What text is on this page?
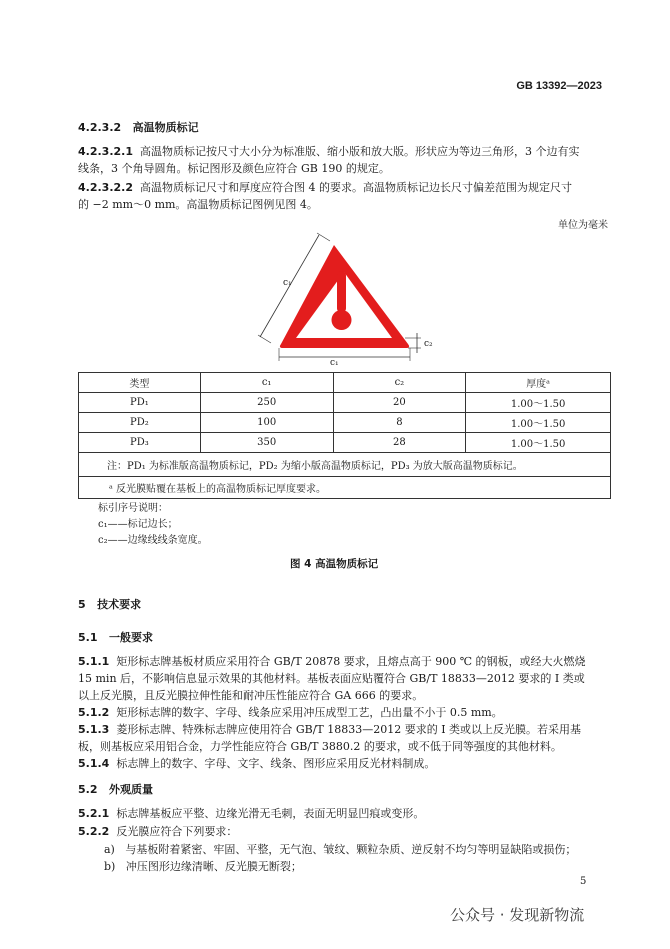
GB 13392—2023
4.2.3.2 高温物质标记
4.2.3.2.1 高温物质标记按尺寸大小分为标准版、缩小版和放大版。形状应为等边三角形，3 个边有实
线条，3 个角导圆角。标记图形及颜色应符合 GB 190 的规定。
4.2.3.2.2 高温物质标记尺寸和厚度应符合图 4 的要求。高温物质标记边长尺寸偏差范围为规定尺寸
的 −2 mm～0 mm。高温物质标记图例见图 4。
单位为毫米
c₁
c₁
c₂
类型	c₁	c₂	厚度ᵃ
PD₁	250	20	1.00～1.50
PD₂	100	8	1.00～1.50
PD₃	350	28	1.00～1.50
注：PD₁ 为标准版高温物质标记，PD₂ 为缩小版高温物质标记，PD₃ 为放大版高温物质标记。			
ᵃ 反光膜贴覆在基板上的高温物质标记厚度要求。			
标引序号说明：
c₁——标记边长；
c₂——边缘线线条宽度。
图 4 高温物质标记
5 技术要求
5.1 一般要求
5.1.1 矩形标志牌基板材质应采用符合 GB/T 20878 要求，且熔点高于 900 ℃ 的钢板，或经大火燃烧
15 min 后，不影响信息显示效果的其他材料。基板表面应贴覆符合 GB/T 18833—2012 要求的 Ⅰ 类或
以上反光膜，且反光膜拉伸性能和耐冲压性能应符合 GA 666 的要求。
5.1.2 矩形标志牌的数字、字母、线条应采用冲压成型工艺，凸出量不小于 0.5 mm。
5.1.3 菱形标志牌、特殊标志牌应使用符合 GB/T 18833—2012 要求的 Ⅰ 类或以上反光膜。若采用基
板，则基板应采用铝合金，力学性能应符合 GB/T 3880.2 的要求，或不低于同等强度的其他材料。
5.1.4 标志牌上的数字、字母、文字、线条、图形应采用反光材料制成。
5.2 外观质量
5.2.1 标志牌基板应平整、边缘光滑无毛刺，表面无明显凹痕或变形。
5.2.2 反光膜应符合下列要求：
a) 与基板附着紧密、牢固、平整，无气泡、皱纹、颗粒杂质、逆反射不均匀等明显缺陷或损伤；
b) 冲压图形边缘清晰、反光膜无断裂；
5
公众号 · 发现新物流
